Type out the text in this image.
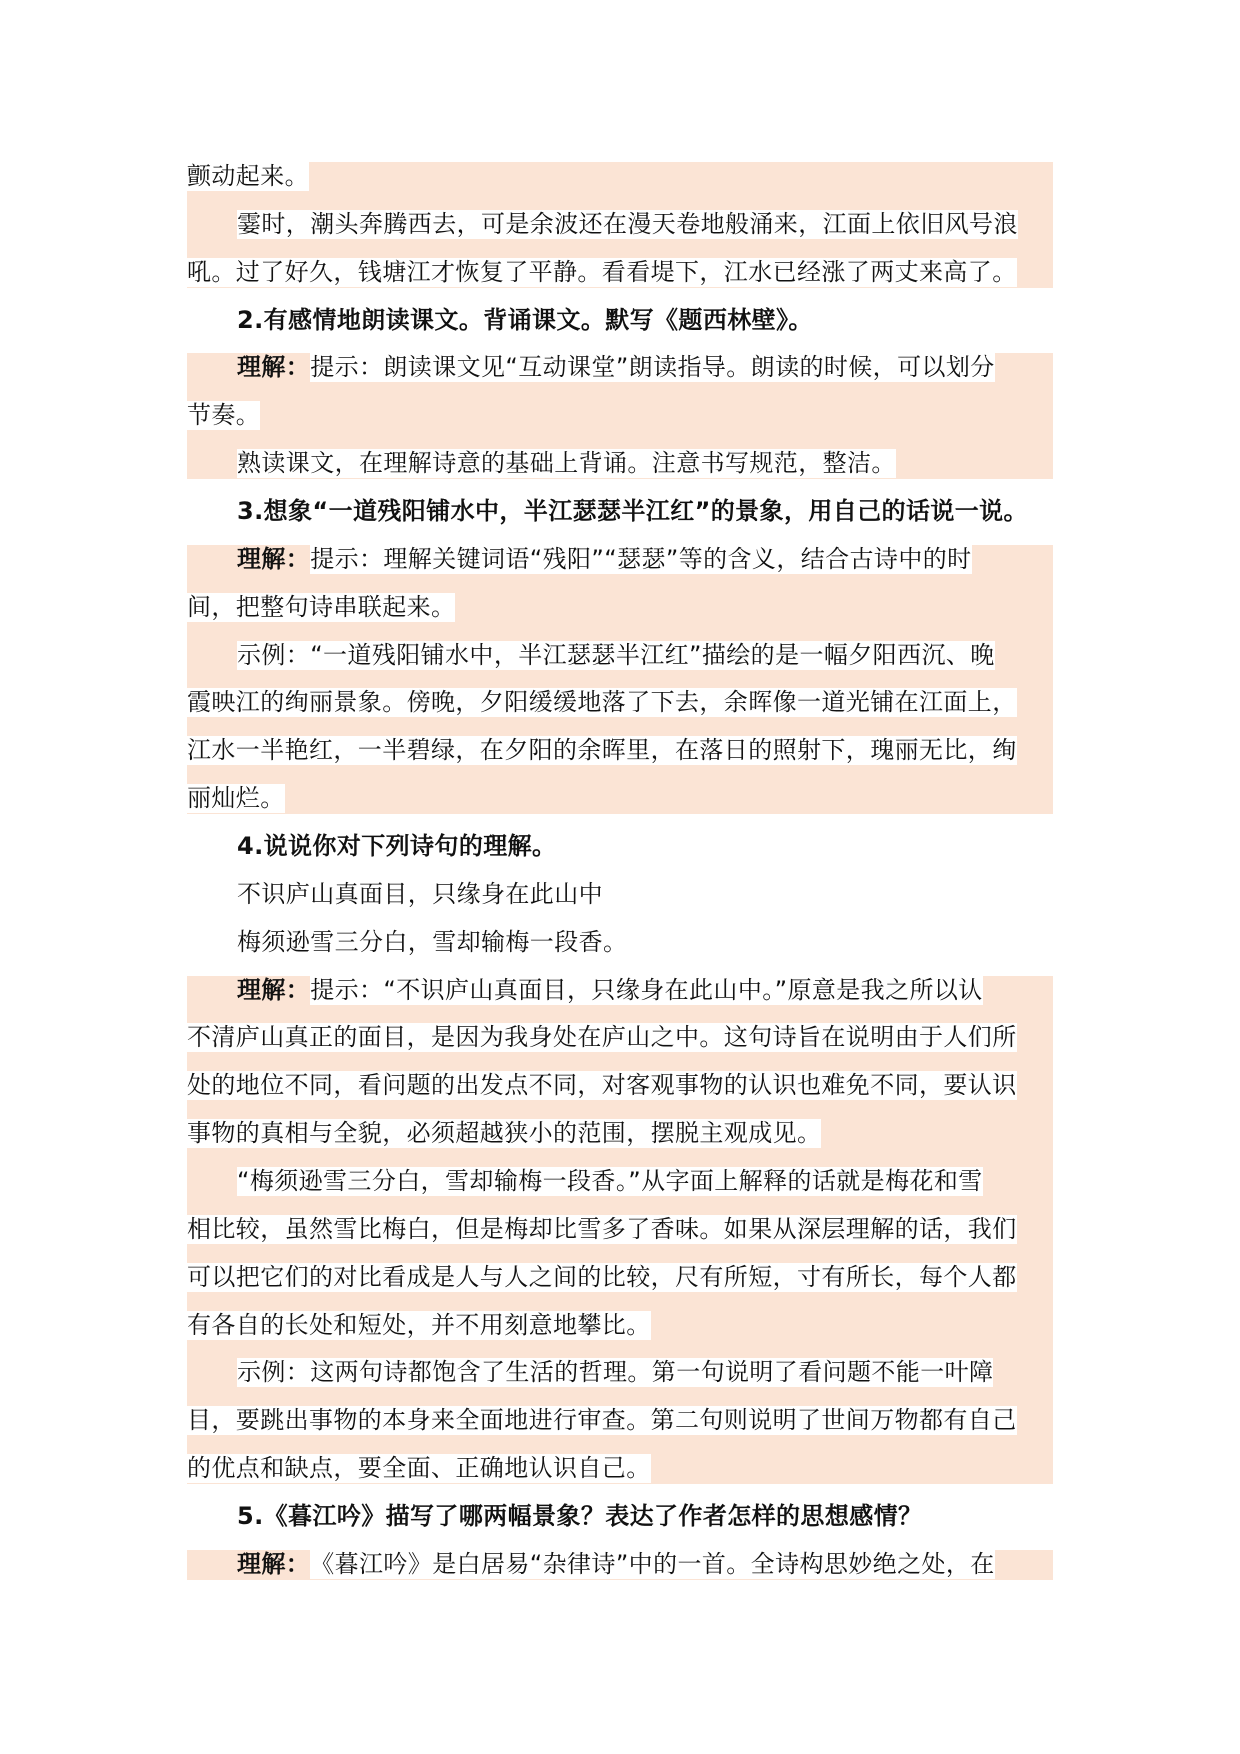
颤动起来。
霎时，潮头奔腾西去，可是余波还在漫天卷地般涌来，江面上依旧风号浪
吼。过了好久，钱塘江才恢复了平静。看看堤下，江水已经涨了两丈来高了。
2.有感情地朗读课文。背诵课文。默写《题西林壁》。
理解：提示：朗读课文见“互动课堂”朗读指导。朗读的时候，可以划分
节奏。
熟读课文，在理解诗意的基础上背诵。注意书写规范，整洁。
3.想象“一道残阳铺水中，半江瑟瑟半江红”的景象，用自己的话说一说。
理解：提示：理解关键词语“残阳”“瑟瑟”等的含义，结合古诗中的时
间，把整句诗串联起来。
示例：“一道残阳铺水中，半江瑟瑟半江红”描绘的是一幅夕阳西沉、晚
霞映江的绚丽景象。傍晚，夕阳缓缓地落了下去，余晖像一道光铺在江面上，
江水一半艳红，一半碧绿，在夕阳的余晖里，在落日的照射下，瑰丽无比，绚
丽灿烂。
4.说说你对下列诗句的理解。
不识庐山真面目，只缘身在此山中
梅须逊雪三分白，雪却输梅一段香。
理解：提示：“不识庐山真面目，只缘身在此山中。”原意是我之所以认
不清庐山真正的面目，是因为我身处在庐山之中。这句诗旨在说明由于人们所
处的地位不同，看问题的出发点不同，对客观事物的认识也难免不同，要认识
事物的真相与全貌，必须超越狭小的范围，摆脱主观成见。
“梅须逊雪三分白，雪却输梅一段香。”从字面上解释的话就是梅花和雪
相比较，虽然雪比梅白，但是梅却比雪多了香味。如果从深层理解的话，我们
可以把它们的对比看成是人与人之间的比较，尺有所短，寸有所长，每个人都
有各自的长处和短处，并不用刻意地攀比。
示例：这两句诗都饱含了生活的哲理。第一句说明了看问题不能一叶障
目，要跳出事物的本身来全面地进行审查。第二句则说明了世间万物都有自己
的优点和缺点，要全面、正确地认识自己。
5.《暮江吟》描写了哪两幅景象？表达了作者怎样的思想感情？
理解：《暮江吟》是白居易“杂律诗”中的一首。全诗构思妙绝之处，在
